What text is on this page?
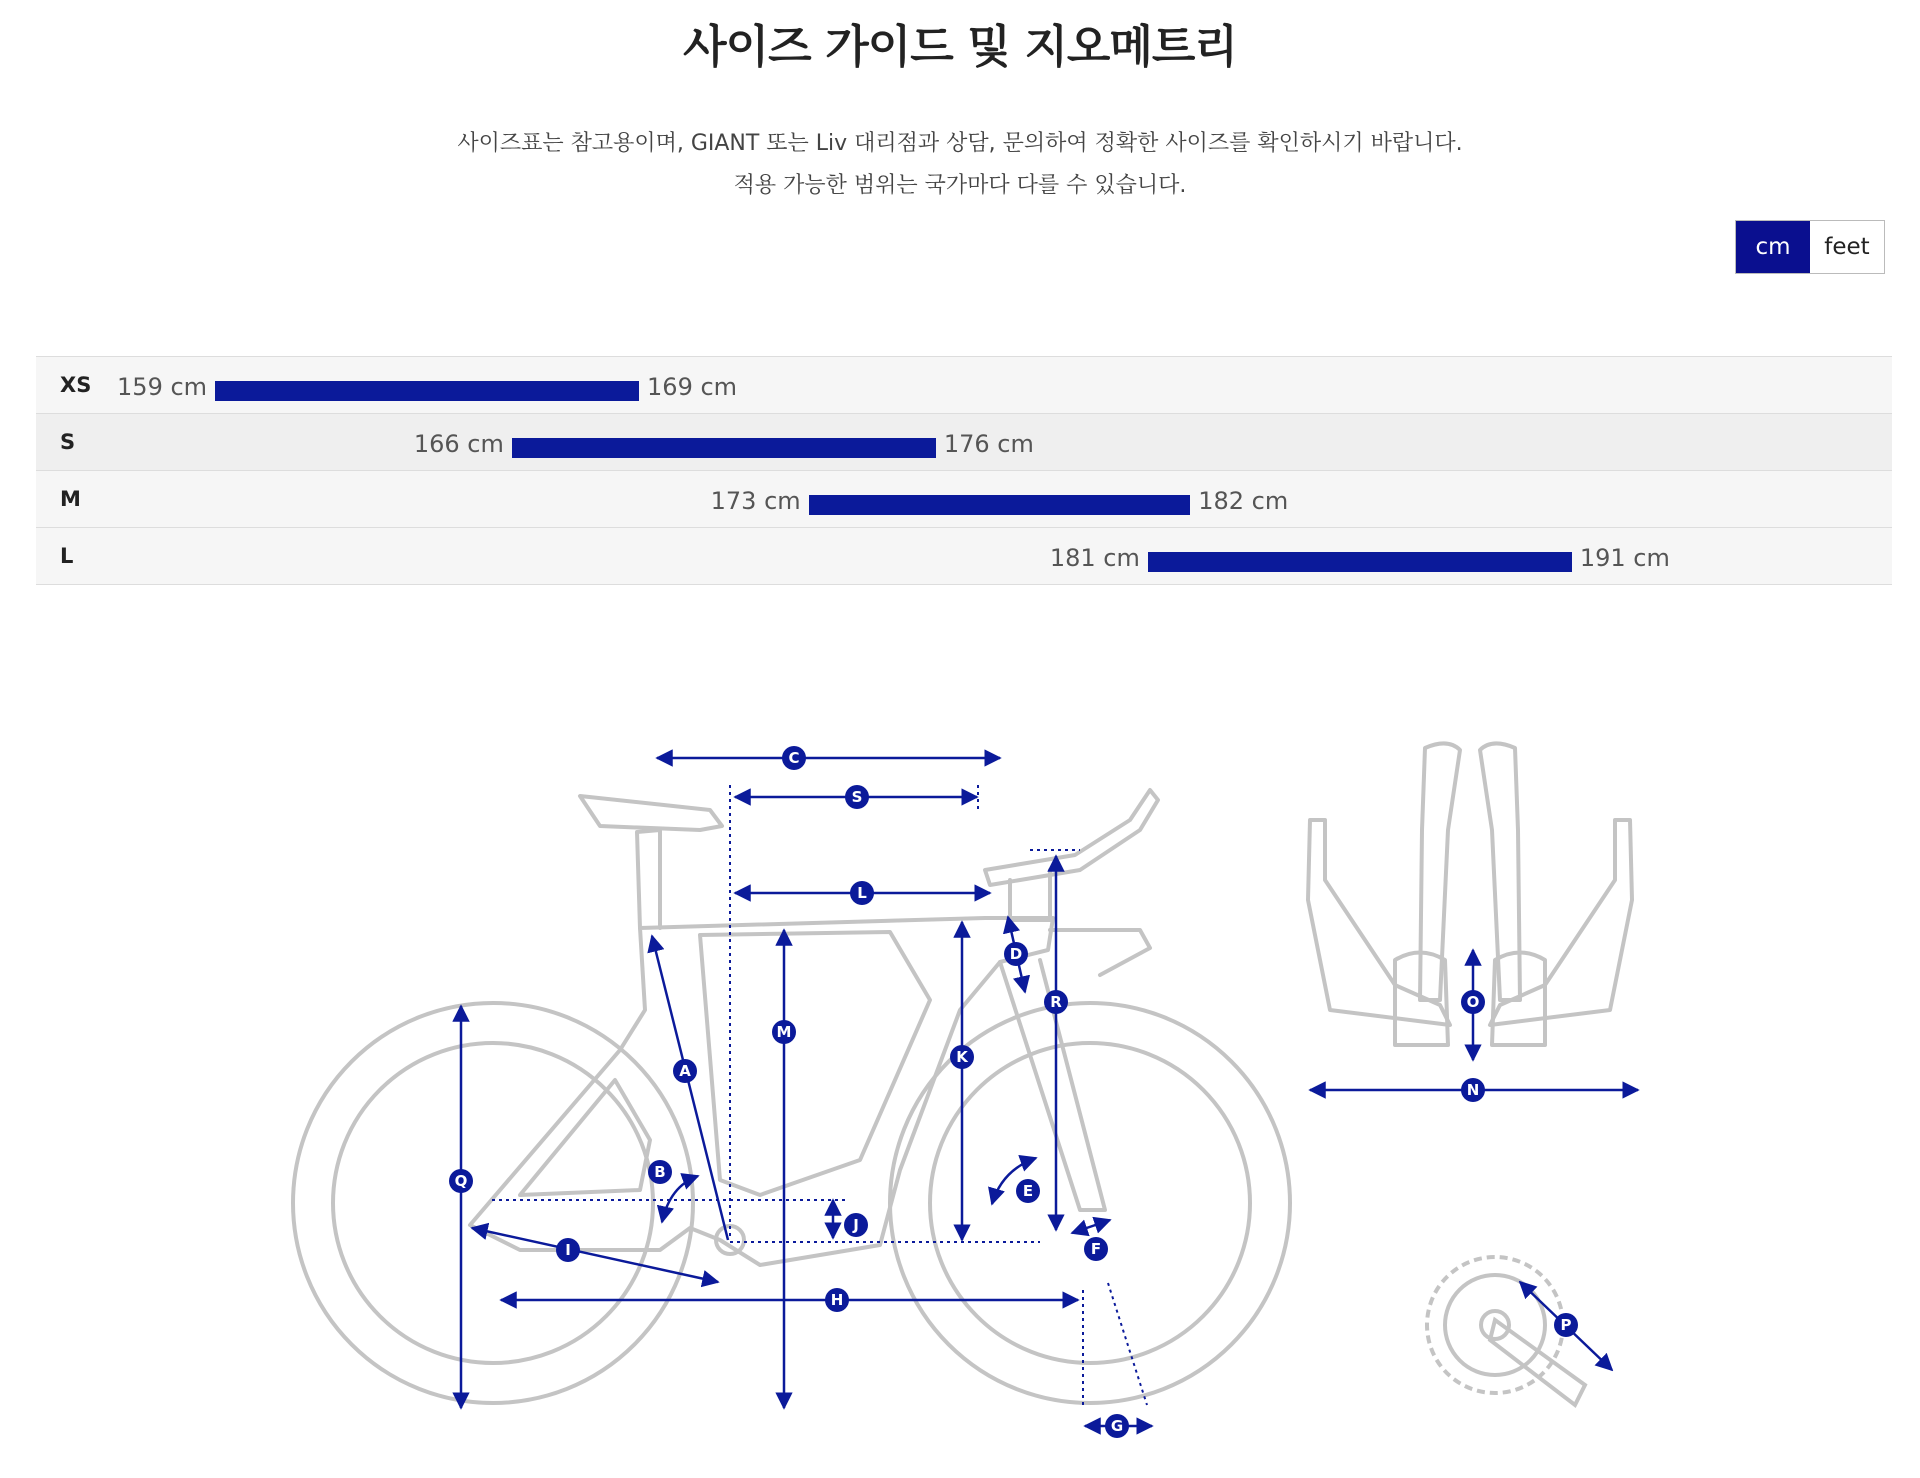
사이즈 가이드 및 지오메트리
사이즈표는 참고용이며, GIANT 또는 Liv 대리점과 상담, 문의하여 정확한 사이즈를 확인하시기 바랍니다.
적용 가능한 범위는 국가마다 다를 수 있습니다.
cm	feet
XS 159 cm	169 cm
S	166 cm	176 cm
M	173 cm	182 cm
L	181 cm	191 cm
C
S
L
D
R
M
K
A
B
Q
E
J
I	F
H
G
O
N
P
